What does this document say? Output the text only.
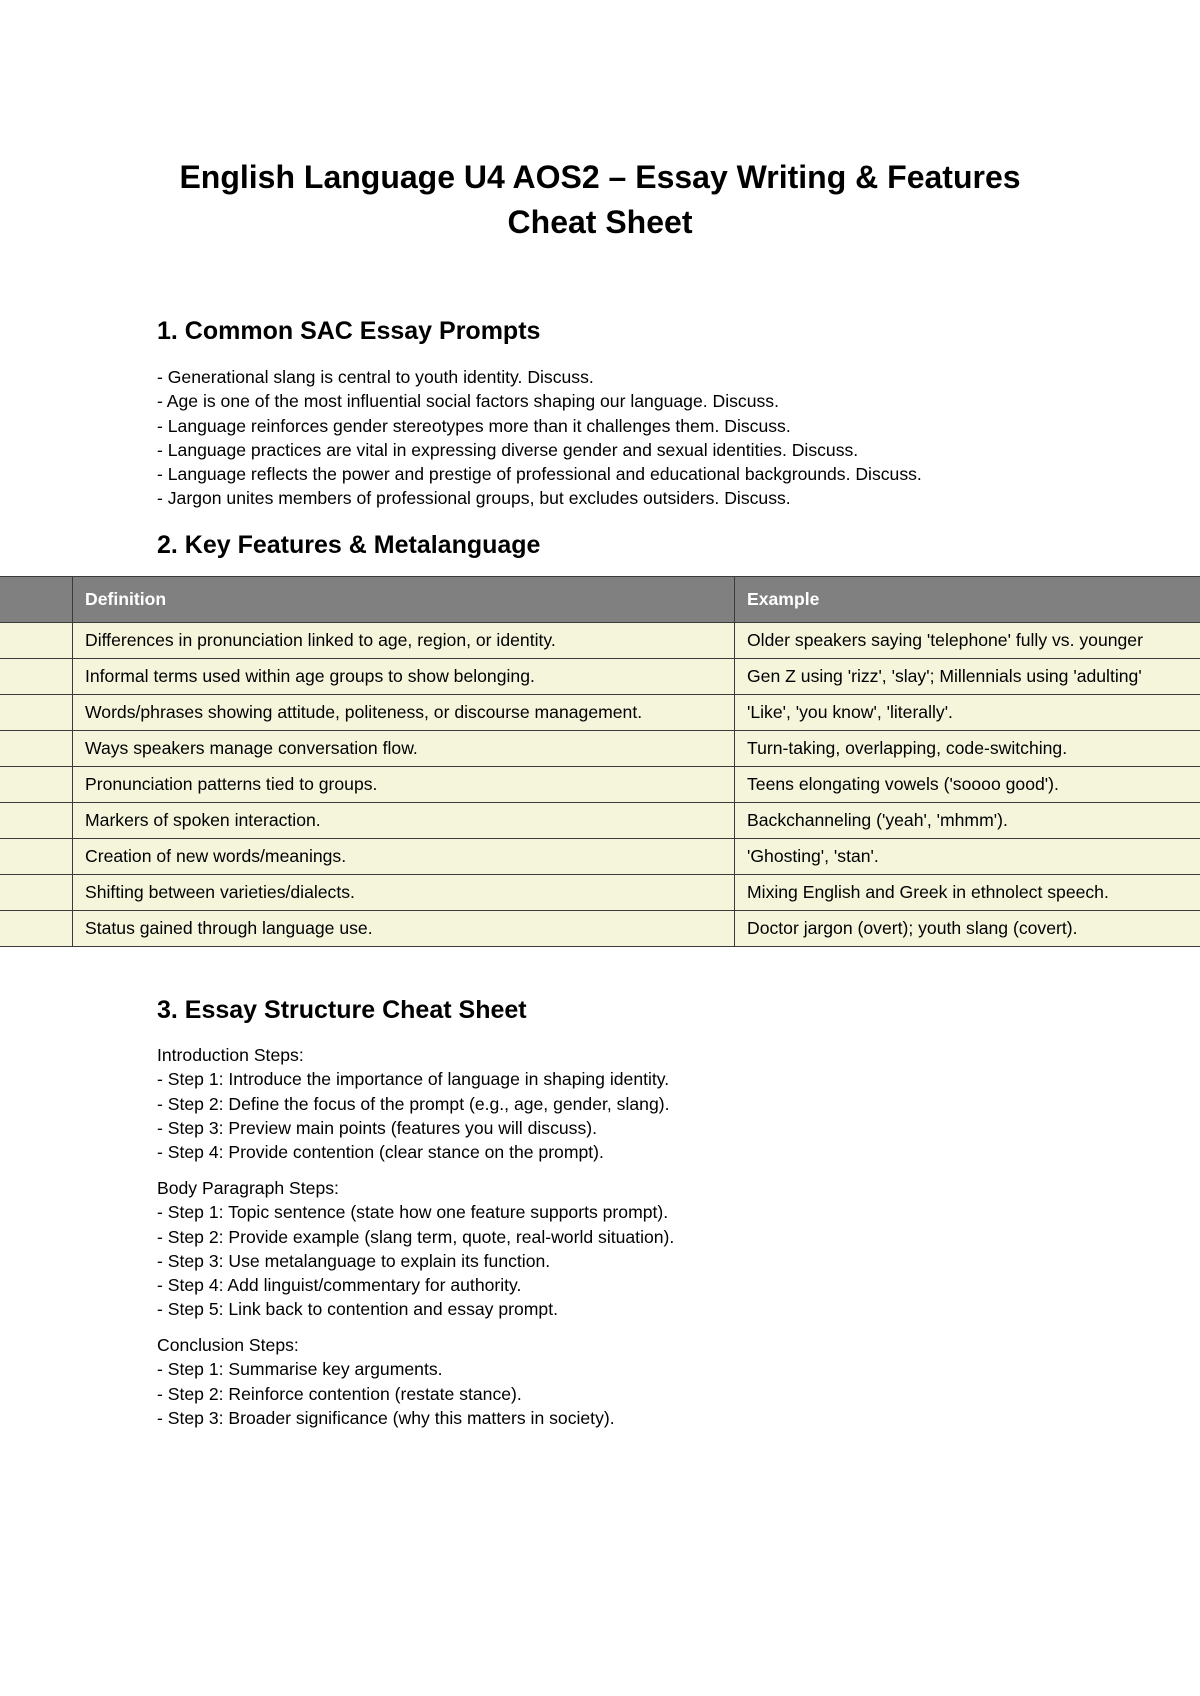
English Language U4 AOS2 – Essay Writing & Features
Cheat Sheet
1. Common SAC Essay Prompts
- Generational slang is central to youth identity. Discuss.
- Age is one of the most influential social factors shaping our language. Discuss.
- Language reinforces gender stereotypes more than it challenges them. Discuss.
- Language practices are vital in expressing diverse gender and sexual identities. Discuss.
- Language reflects the power and prestige of professional and educational backgrounds. Discuss.
- Jargon unites members of professional groups, but excludes outsiders. Discuss.
2. Key Features & Metalanguage
	Definition	Example
	Differences in pronunciation linked to age, region, or identity.	Older speakers saying 'telephone' fully vs. younger
	Informal terms used within age groups to show belonging.	Gen Z using 'rizz', 'slay'; Millennials using 'adulting'
	Words/phrases showing attitude, politeness, or discourse management.	'Like', 'you know', 'literally'.
	Ways speakers manage conversation flow.	Turn-taking, overlapping, code-switching.
	Pronunciation patterns tied to groups.	Teens elongating vowels ('soooo good').
	Markers of spoken interaction.	Backchanneling ('yeah', 'mhmm').
	Creation of new words/meanings.	'Ghosting', 'stan'.
	Shifting between varieties/dialects.	Mixing English and Greek in ethnolect speech.
	Status gained through language use.	Doctor jargon (overt); youth slang (covert).
3. Essay Structure Cheat Sheet
Introduction Steps:
- Step 1: Introduce the importance of language in shaping identity.
- Step 2: Define the focus of the prompt (e.g., age, gender, slang).
- Step 3: Preview main points (features you will discuss).
- Step 4: Provide contention (clear stance on the prompt).
Body Paragraph Steps:
- Step 1: Topic sentence (state how one feature supports prompt).
- Step 2: Provide example (slang term, quote, real-world situation).
- Step 3: Use metalanguage to explain its function.
- Step 4: Add linguist/commentary for authority.
- Step 5: Link back to contention and essay prompt.
Conclusion Steps:
- Step 1: Summarise key arguments.
- Step 2: Reinforce contention (restate stance).
- Step 3: Broader significance (why this matters in society).
